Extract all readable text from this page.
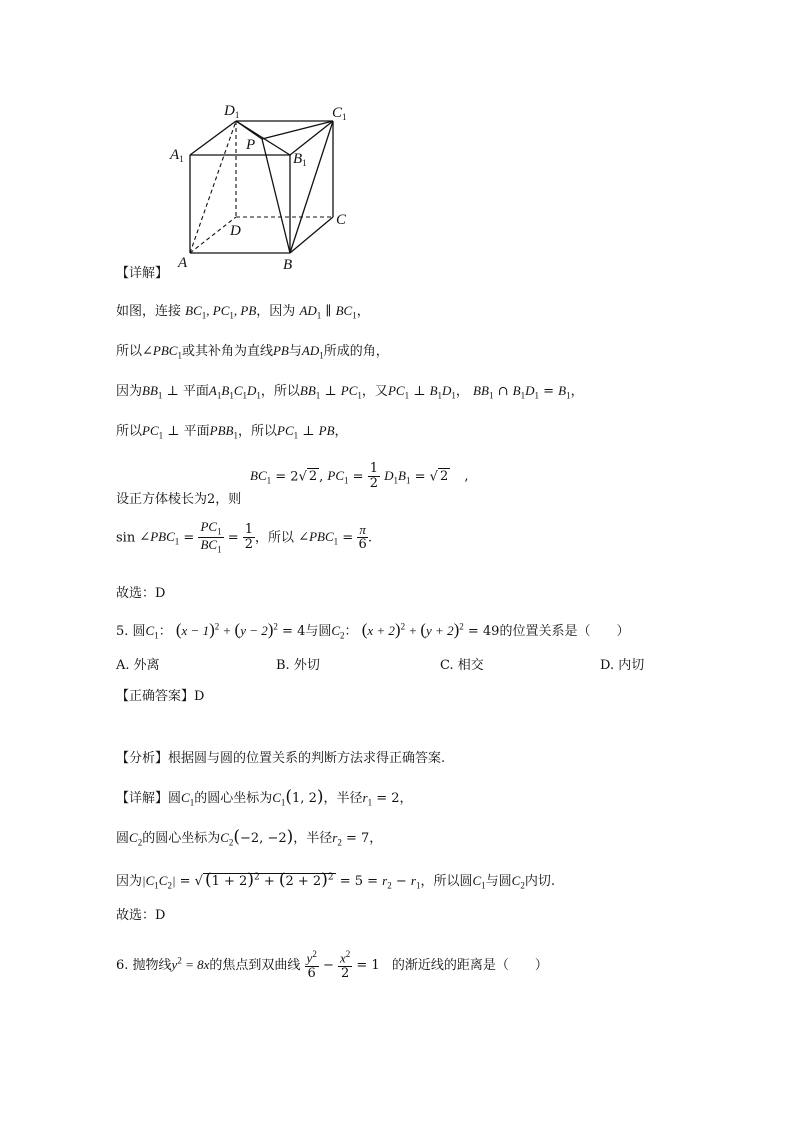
$D_1$	$C_1$
$A_1$
P
$B_1$
D
C
A	B
【详解】
如图，连接 $BC_1$, $PC_1$, PB，因为 $AD_1$ ∥ $BC_1$，
所以$\angle PBC_1$或其补角为直线PB与$AD_1$所成的角，
因为$BB_1$ ⊥ 平面$A_1B_1C_1D_1$，所以$BB_1$ ⊥ $PC_1$，又$PC_1$ ⊥ $B_1D_1$， $BB_1$ ∩ $B_1D_1 = B_1$，
所以$PC_1$ ⊥ 平面$PBB_1$，所以$PC_1$ ⊥ PB，
设正方体棱长为2，则
$BC_1 = 2√$ 2 , $PC_1 = \frac{1}{2} D_1B_1$ = √ 2 ,
$\sin \angle PBC_1 = \frac{PC_1}{BC_1} = \frac{1}{2}$ ，所以 $\angle PBC_1 = \frac{\pi}{6}$ .
故选：D
5. 圆$C_1$： $(x - 1)^2 + (y - 2)^2 = 4$与圆$C_2$： $(x + 2)^2 + (y + 2)^2 = 49$的位置关系是（　　）
A. 外离	B. 外切	C. 相交	D. 内切
【正确答案】D
【分析】根据圆与圆的位置关系的判断方法求得正确答案.
【详解】圆$C_1$的圆心坐标为$C_1(1$, 2)，半径$r_1 = 2$，
圆$C_2$的圆心坐标为$C_2(-2$, −2)，半径$r_2 = 7$，
因为$|C_1C_2|$ = √ $(1 + 2)^2 + (2 + 2)^2 = 5 = r_2 - r_1$，所以圆$C_1$与圆$C_2$内切.
故选：D
6. 抛物线$y^2 = 8x$的焦点到双曲线 $\frac{y^2}{6} - \frac{x^2}{2} = 1$ 的渐近线的距离是（　　）
